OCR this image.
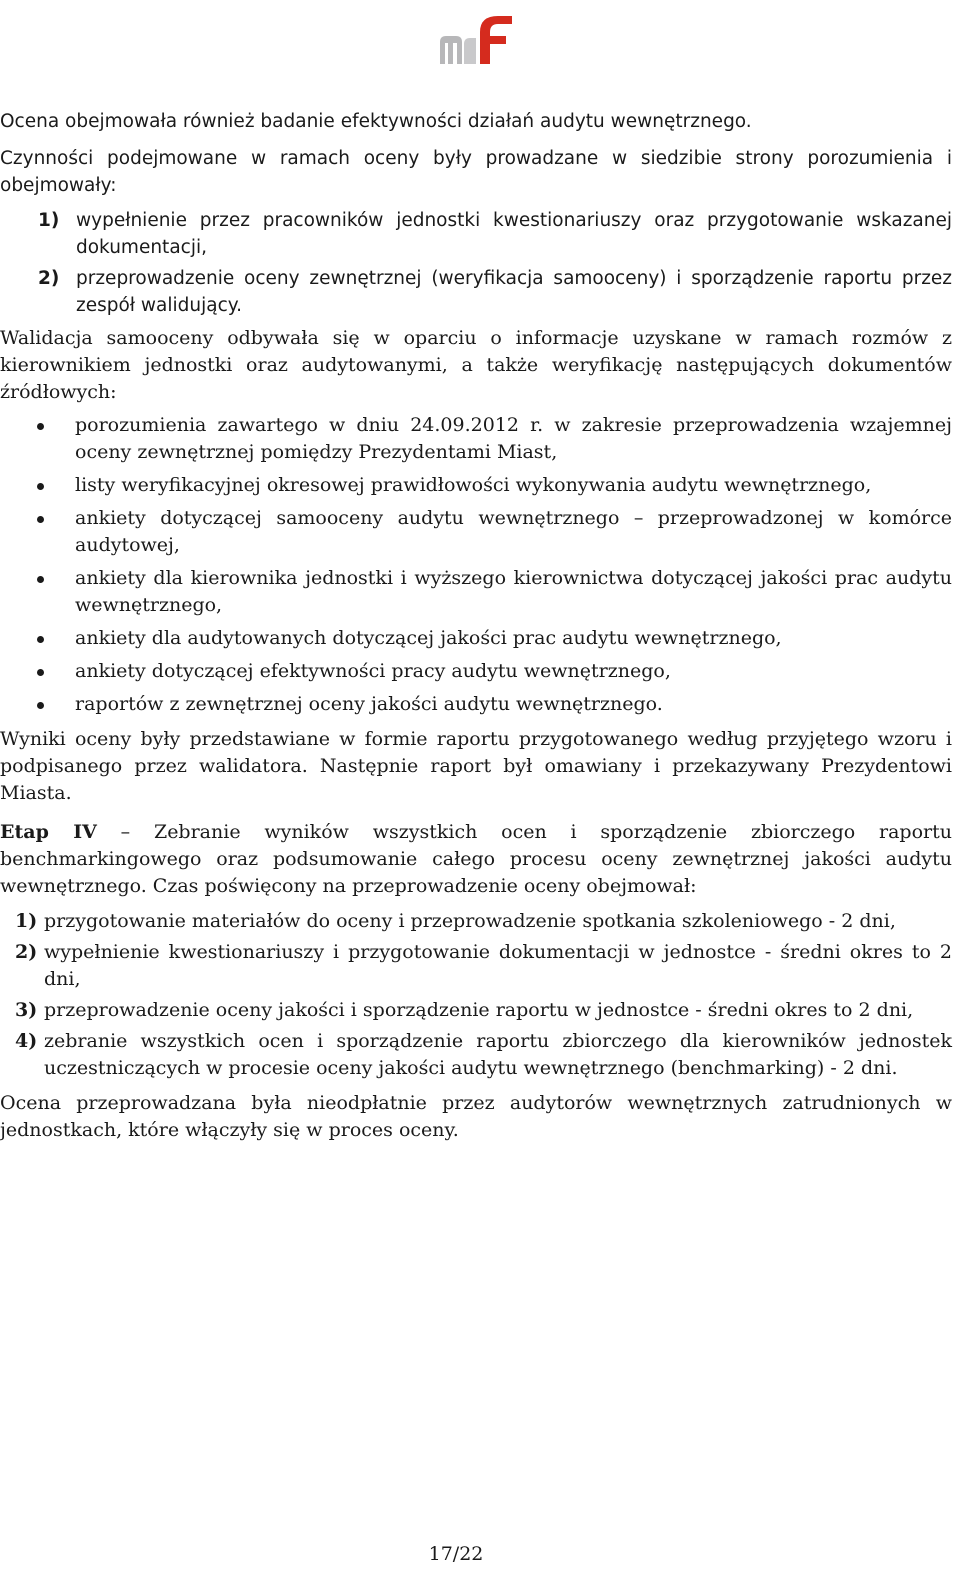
Ocena obejmowała również badanie efektywności działań audytu wewnętrznego.

Czynności podejmowane w ramach oceny były prowadzane w siedzibie strony porozumienia i obejmowały:

1) wypełnienie przez pracowników jednostki kwestionariuszy oraz przygotowanie wskazanej dokumentacji,
2) przeprowadzenie oceny zewnętrznej (weryfikacja samooceny) i sporządzenie raportu przez zespół walidujący.

Walidacja samooceny odbywała się w oparciu o informacje uzyskane w ramach rozmów z kierownikiem jednostki oraz audytowanymi, a także weryfikację następujących dokumentów źródłowych:

porozumienia zawartego w dniu 24.09.2012 r. w zakresie przeprowadzenia wzajemnej oceny zewnętrznej pomiędzy Prezydentami Miast,
listy weryfikacyjnej okresowej prawidłowości wykonywania audytu wewnętrznego,
ankiety dotyczącej samooceny audytu wewnętrznego – przeprowadzonej w komórce audytowej,
ankiety dla kierownika jednostki i wyższego kierownictwa dotyczącej jakości prac audytu wewnętrznego,
ankiety dla audytowanych dotyczącej jakości prac audytu wewnętrznego,
ankiety dotyczącej efektywności pracy audytu wewnętrznego,
raportów z zewnętrznej oceny jakości audytu wewnętrznego.

Wyniki oceny były przedstawiane w formie raportu przygotowanego według przyjętego wzoru i podpisanego przez walidatora. Następnie raport był omawiany i przekazywany Prezydentowi Miasta.

Etap IV – Zebranie wyników wszystkich ocen i sporządzenie zbiorczego raportu benchmarkingowego oraz podsumowanie całego procesu oceny zewnętrznej jakości audytu wewnętrznego. Czas poświęcony na przeprowadzenie oceny obejmował:

1) przygotowanie materiałów do oceny i przeprowadzenie spotkania szkoleniowego - 2 dni,
2) wypełnienie kwestionariuszy i przygotowanie dokumentacji w jednostce - średni okres to 2 dni,
3) przeprowadzenie oceny jakości i sporządzenie raportu w jednostce - średni okres to 2 dni,
4) zebranie wszystkich ocen i sporządzenie raportu zbiorczego dla kierowników jednostek uczestniczących w procesie oceny jakości audytu wewnętrznego (benchmarking) - 2 dni.

Ocena przeprowadzana była nieodpłatnie przez audytorów wewnętrznych zatrudnionych w jednostkach, które włączyły się w proces oceny.

17/22
